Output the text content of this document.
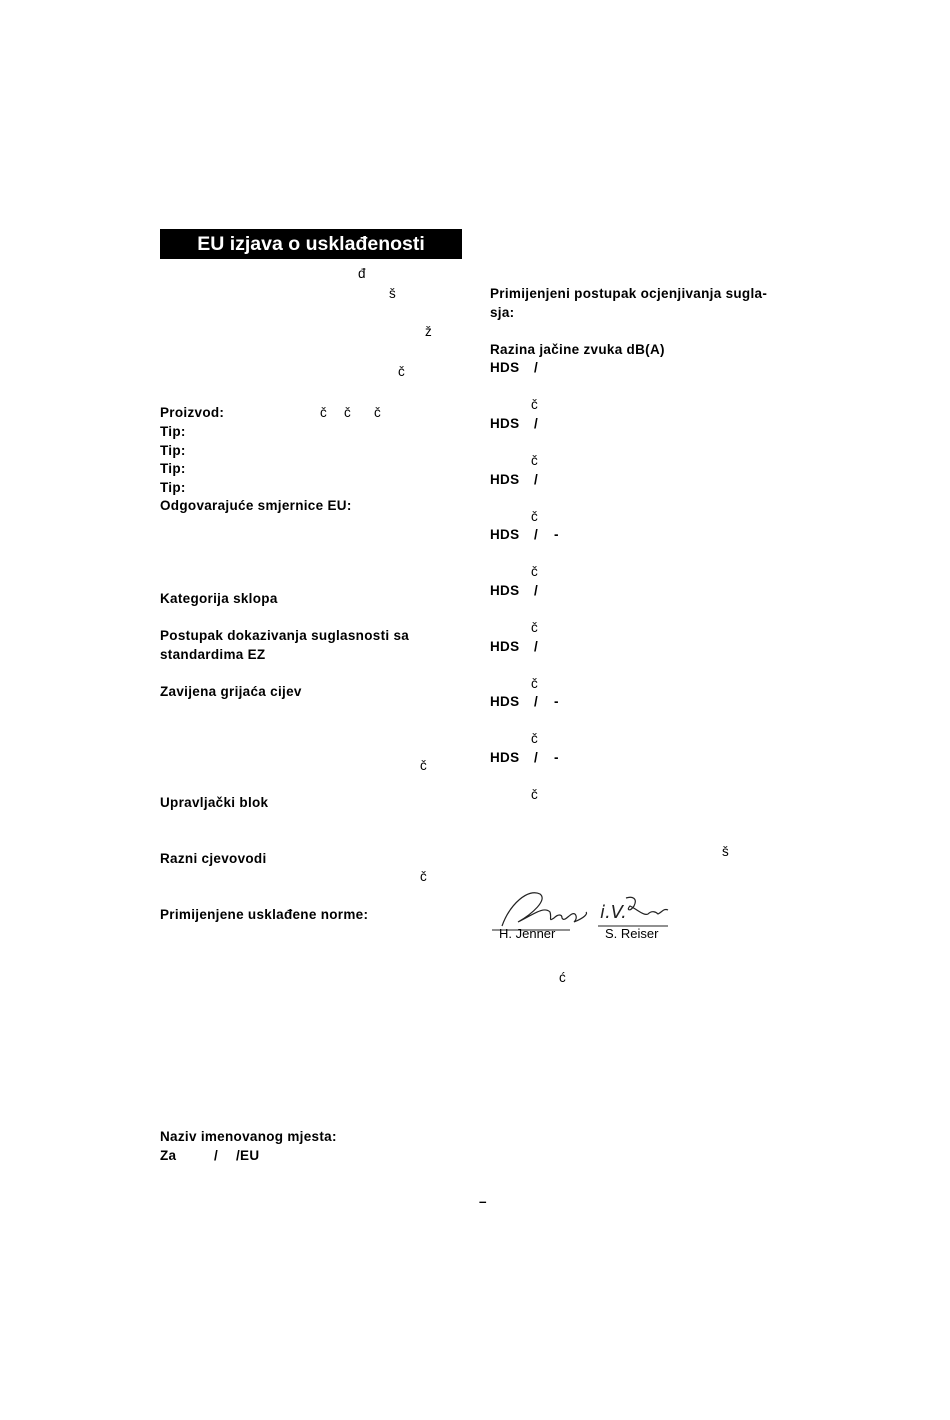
EU izjava o usklađenosti
đ
š
ž
č
Proizvod:	č č č
Tip:
Tip:
Tip:
Tip:
Odgovarajuće smjernice EU:
Kategorija sklopa
Postupak dokazivanja suglasnosti sa
standardima EZ
Zavijena grijaća cijev
č
Upravljački blok
Razni cjevovodi
č
Primijenjene usklađene norme:
Naziv imenovanog mjesta:
Za	/ /EU
Primijenjeni postupak ocjenjivanja sugla-
sja:
Razina jačine zvuka dB(A)
HDS /
č
HDS /
č
HDS /
č
HDS / -
č
HDS /
č
HDS /
č
HDS / -
č
HDS / -
č
š
i.V.
H. Jenner	S. Reiser
ć
–
